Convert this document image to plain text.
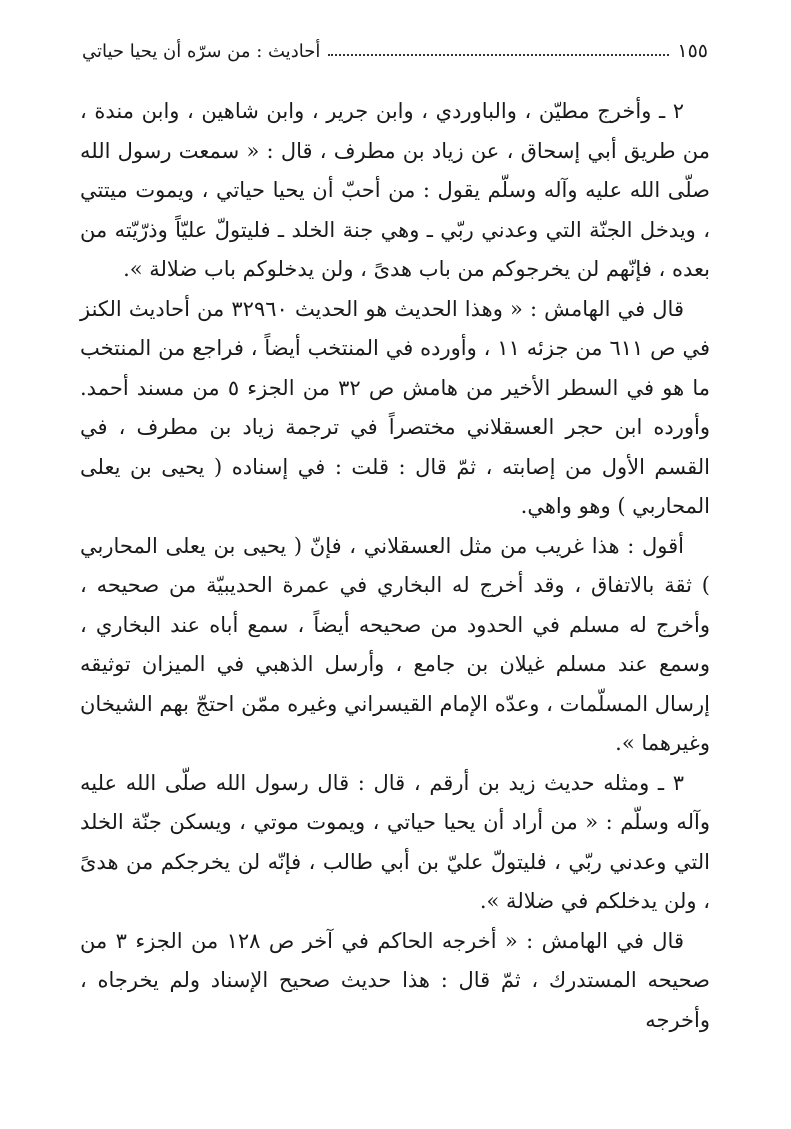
أحاديث : من سرّه أن يحيا حياتي	١٥٥

٢ ـ وأخرج مطيّن ، والباوردي ، وابن جرير ، وابن شاهين ، وابن مندة ، من طريق أبي إسحاق ، عن زياد بن مطرف ، قال : « سمعت رسول الله صلّى الله عليه وآله وسلّم يقول : من أحبّ أن يحيا حياتي ، ويموت ميتتي ، ويدخل الجنّة التي وعدني ربّي ـ وهي جنة الخلد ـ فليتولّ عليّاً وذرّيّته من بعده ، فإنّهم لن يخرجوكم من باب هدىً ، ولن يدخلوكم باب ضلالة ».

قال في الهامش : « وهذا الحديث هو الحديث ٣٢٩٦٠ من أحاديث الكنز في ص ٦١١ من جزئه ١١ ، وأورده في المنتخب أيضاً ، فراجع من المنتخب ما هو في السطر الأخير من هامش ص ٣٢ من الجزء ٥ من مسند أحمد. وأورده ابن حجر العسقلاني مختصراً في ترجمة زياد بن مطرف ، في القسم الأول من إصابته ، ثمّ قال : قلت : في إسناده ( يحيى بن يعلى المحاربي ) وهو واهي.

أقول : هذا غريب من مثل العسقلاني ، فإنّ ( يحيى بن يعلى المحاربي ) ثقة بالاتفاق ، وقد أخرج له البخاري في عمرة الحديبيّة من صحيحه ، وأخرج له مسلم في الحدود من صحيحه أيضاً ، سمع أباه عند البخاري ، وسمع عند مسلم غيلان بن جامع ، وأرسل الذهبي في الميزان توثيقه إرسال المسلّمات ، وعدّه الإمام القيسراني وغيره ممّن احتجّ بهم الشيخان وغيرهما ».

٣ ـ ومثله حديث زيد بن أرقم ، قال : قال رسول الله صلّى الله عليه وآله وسلّم : « من أراد أن يحيا حياتي ، ويموت موتي ، ويسكن جنّة الخلد التي وعدني ربّي ، فليتولّ عليّ بن أبي طالب ، فإنّه لن يخرجكم من هدىً ، ولن يدخلكم في ضلالة ».

قال في الهامش : « أخرجه الحاكم في آخر ص ١٢٨ من الجزء ٣ من صحيحه المستدرك ، ثمّ قال : هذا حديث صحيح الإسناد ولم يخرجاه ، وأخرجه
